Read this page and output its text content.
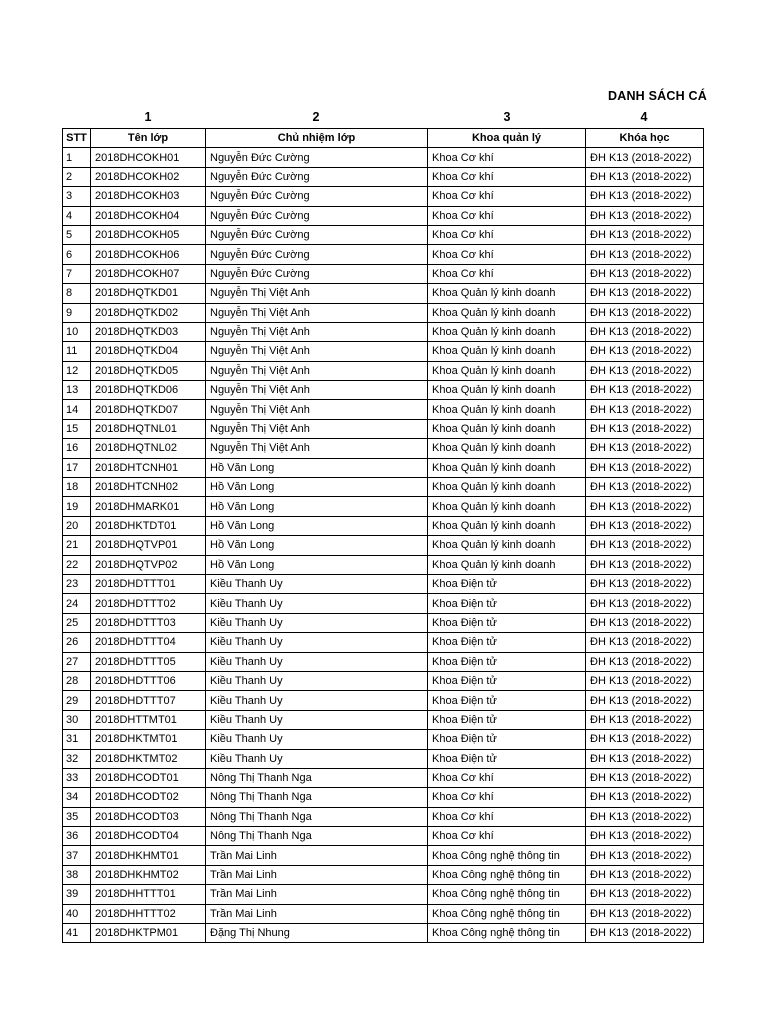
DANH SÁCH CÁ
1	2	3	4
STT	Tên lớp	Chủ nhiệm lớp	Khoa quản lý	Khóa học
1	2018DHCOKH01	Nguyễn Đức Cường	Khoa Cơ khí	ĐH K13 (2018-2022)
2	2018DHCOKH02	Nguyễn Đức Cường	Khoa Cơ khí	ĐH K13 (2018-2022)
3	2018DHCOKH03	Nguyễn Đức Cường	Khoa Cơ khí	ĐH K13 (2018-2022)
4	2018DHCOKH04	Nguyễn Đức Cường	Khoa Cơ khí	ĐH K13 (2018-2022)
5	2018DHCOKH05	Nguyễn Đức Cường	Khoa Cơ khí	ĐH K13 (2018-2022)
6	2018DHCOKH06	Nguyễn Đức Cường	Khoa Cơ khí	ĐH K13 (2018-2022)
7	2018DHCOKH07	Nguyễn Đức Cường	Khoa Cơ khí	ĐH K13 (2018-2022)
8	2018DHQTKD01	Nguyễn Thị Việt Anh	Khoa Quản lý kinh doanh	ĐH K13 (2018-2022)
9	2018DHQTKD02	Nguyễn Thị Việt Anh	Khoa Quản lý kinh doanh	ĐH K13 (2018-2022)
10	2018DHQTKD03	Nguyễn Thị Việt Anh	Khoa Quản lý kinh doanh	ĐH K13 (2018-2022)
11	2018DHQTKD04	Nguyễn Thị Việt Anh	Khoa Quản lý kinh doanh	ĐH K13 (2018-2022)
12	2018DHQTKD05	Nguyễn Thị Việt Anh	Khoa Quản lý kinh doanh	ĐH K13 (2018-2022)
13	2018DHQTKD06	Nguyễn Thị Việt Anh	Khoa Quản lý kinh doanh	ĐH K13 (2018-2022)
14	2018DHQTKD07	Nguyễn Thị Việt Anh	Khoa Quản lý kinh doanh	ĐH K13 (2018-2022)
15	2018DHQTNL01	Nguyễn Thị Việt Anh	Khoa Quản lý kinh doanh	ĐH K13 (2018-2022)
16	2018DHQTNL02	Nguyễn Thị Việt Anh	Khoa Quản lý kinh doanh	ĐH K13 (2018-2022)
17	2018DHTCNH01	Hồ Văn Long	Khoa Quản lý kinh doanh	ĐH K13 (2018-2022)
18	2018DHTCNH02	Hồ Văn Long	Khoa Quản lý kinh doanh	ĐH K13 (2018-2022)
19	2018DHMARK01	Hồ Văn Long	Khoa Quản lý kinh doanh	ĐH K13 (2018-2022)
20	2018DHKTDT01	Hồ Văn Long	Khoa Quản lý kinh doanh	ĐH K13 (2018-2022)
21	2018DHQTVP01	Hồ Văn Long	Khoa Quản lý kinh doanh	ĐH K13 (2018-2022)
22	2018DHQTVP02	Hồ Văn Long	Khoa Quản lý kinh doanh	ĐH K13 (2018-2022)
23	2018DHDTTT01	Kiều Thanh Uy	Khoa Điện tử	ĐH K13 (2018-2022)
24	2018DHDTTT02	Kiều Thanh Uy	Khoa Điện tử	ĐH K13 (2018-2022)
25	2018DHDTTT03	Kiều Thanh Uy	Khoa Điện tử	ĐH K13 (2018-2022)
26	2018DHDTTT04	Kiều Thanh Uy	Khoa Điện tử	ĐH K13 (2018-2022)
27	2018DHDTTT05	Kiều Thanh Uy	Khoa Điện tử	ĐH K13 (2018-2022)
28	2018DHDTTT06	Kiều Thanh Uy	Khoa Điện tử	ĐH K13 (2018-2022)
29	2018DHDTTT07	Kiều Thanh Uy	Khoa Điện tử	ĐH K13 (2018-2022)
30	2018DHTTMT01	Kiều Thanh Uy	Khoa Điện tử	ĐH K13 (2018-2022)
31	2018DHKTMT01	Kiều Thanh Uy	Khoa Điện tử	ĐH K13 (2018-2022)
32	2018DHKTMT02	Kiều Thanh Uy	Khoa Điện tử	ĐH K13 (2018-2022)
33	2018DHCODT01	Nông Thị Thanh Nga	Khoa Cơ khí	ĐH K13 (2018-2022)
34	2018DHCODT02	Nông Thị Thanh Nga	Khoa Cơ khí	ĐH K13 (2018-2022)
35	2018DHCODT03	Nông Thị Thanh Nga	Khoa Cơ khí	ĐH K13 (2018-2022)
36	2018DHCODT04	Nông Thị Thanh Nga	Khoa Cơ khí	ĐH K13 (2018-2022)
37	2018DHKHMT01	Trần Mai Linh	Khoa Công nghệ thông tin	ĐH K13 (2018-2022)
38	2018DHKHMT02	Trần Mai Linh	Khoa Công nghệ thông tin	ĐH K13 (2018-2022)
39	2018DHHTTT01	Trần Mai Linh	Khoa Công nghệ thông tin	ĐH K13 (2018-2022)
40	2018DHHTTT02	Trần Mai Linh	Khoa Công nghệ thông tin	ĐH K13 (2018-2022)
41	2018DHKTPM01	Đặng Thị Nhung	Khoa Công nghệ thông tin	ĐH K13 (2018-2022)
